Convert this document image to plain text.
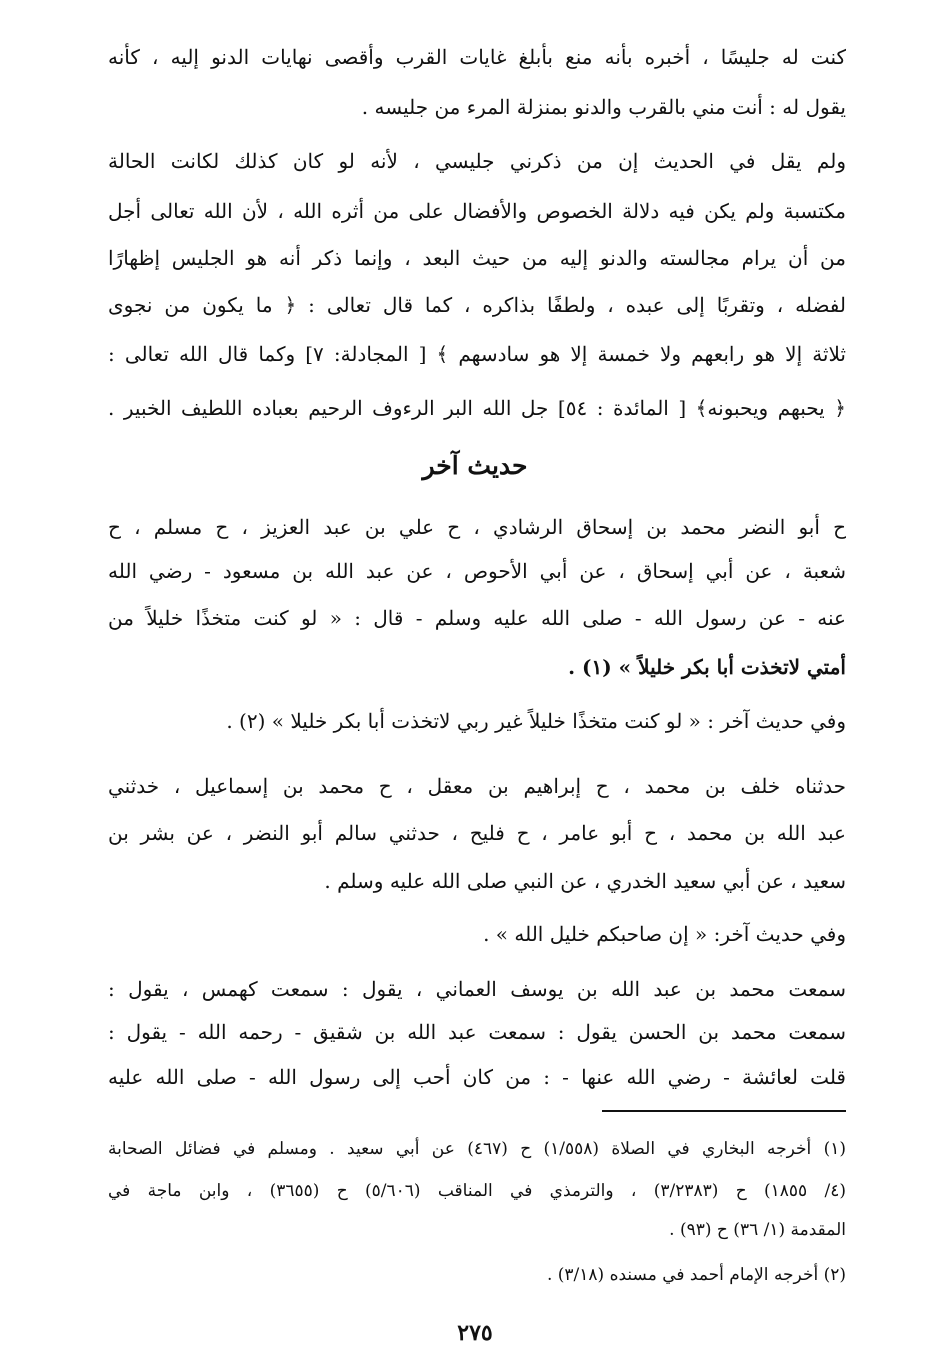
كنت له جليسًا ، أخبره بأنه منع بأبلغ غايات القرب وأقصى نهايات الدنو إليه ، كأنه
يقول له : أنت مني بالقرب والدنو بمنزلة المرء من جليسه .
ولم يقل في الحديث إن من ذكرني جليسي ، لأنه لو كان كذلك لكانت الحالة
مكتسبة ولم يكن فيه دلالة الخصوص والأفضال على من أثره الله ، لأن الله تعالى أجل
من أن يرام مجالسته والدنو إليه من حيث البعد ، وإنما ذكر أنه هو الجليس إظهارًا
لفضله ، وتقربًا إلى عبده ، ولطفًا بذاكره ، كما قال تعالى : ﴿ ما يكون من نجوى
ثلاثة إلا هو رابعهم ولا خمسة إلا هو سادسهم ﴾ [ المجادلة: ٧] وكما قال الله تعالى :
﴿ يحبهم ويحبونه﴾ [ المائدة : ٥٤] جل الله البر الرءوف الرحيم بعباده اللطيف الخبير .
حديث آخر
ح أبو النضر محمد بن إسحاق الرشادي ، ح علي بن عبد العزيز ، ح مسلم ، ح
شعبة ، عن أبي إسحاق ، عن أبي الأحوص ، عن عبد الله بن مسعود - رضي الله
عنه - عن رسول الله - صلى الله عليه وسلم - قال : « لو كنت متخذًا خليلاً من
أمتي لاتخذت أبا بكر خليلاً » (١) .
وفي حديث آخر : « لو كنت متخذًا خليلاً غير ربي لاتخذت أبا بكر خليلا » (٢) .
حدثناه خلف بن محمد ، ح إبراهيم بن معقل ، ح محمد بن إسماعيل ، خدثني
عبد الله بن محمد ، ح أبو عامر ، ح فليح ، حدثني سالم أبو النضر ، عن بشر بن
سعيد ، عن أبي سعيد الخدري ، عن النبي صلى الله عليه وسلم .
وفي حديث آخر: « إن صاحبكم خليل الله » .
سمعت محمد بن عبد الله بن يوسف العماني ، يقول : سمعت كهمس ، يقول :
سمعت محمد بن الحسن يقول : سمعت عبد الله بن شقيق - رحمه الله - يقول :
قلت لعائشة - رضي الله عنها - : من كان أحب إلى رسول الله - صلى الله عليه
(١) أخرجه البخاري في الصلاة (١/٥٥٨) ح (٤٦٧) عن أبي سعيد . ومسلم في فضائل الصحابة
(٤/ ١٨٥٥) ح (٣/٢٣٨٣) ، والترمذي في المناقب (٥/٦٠٦) ح (٣٦٥٥) ، وابن ماجة في
المقدمة (١/ ٣٦) ح (٩٣) .
(٢) أخرجه الإمام أحمد في مسنده (٣/١٨) .
٢٧٥
